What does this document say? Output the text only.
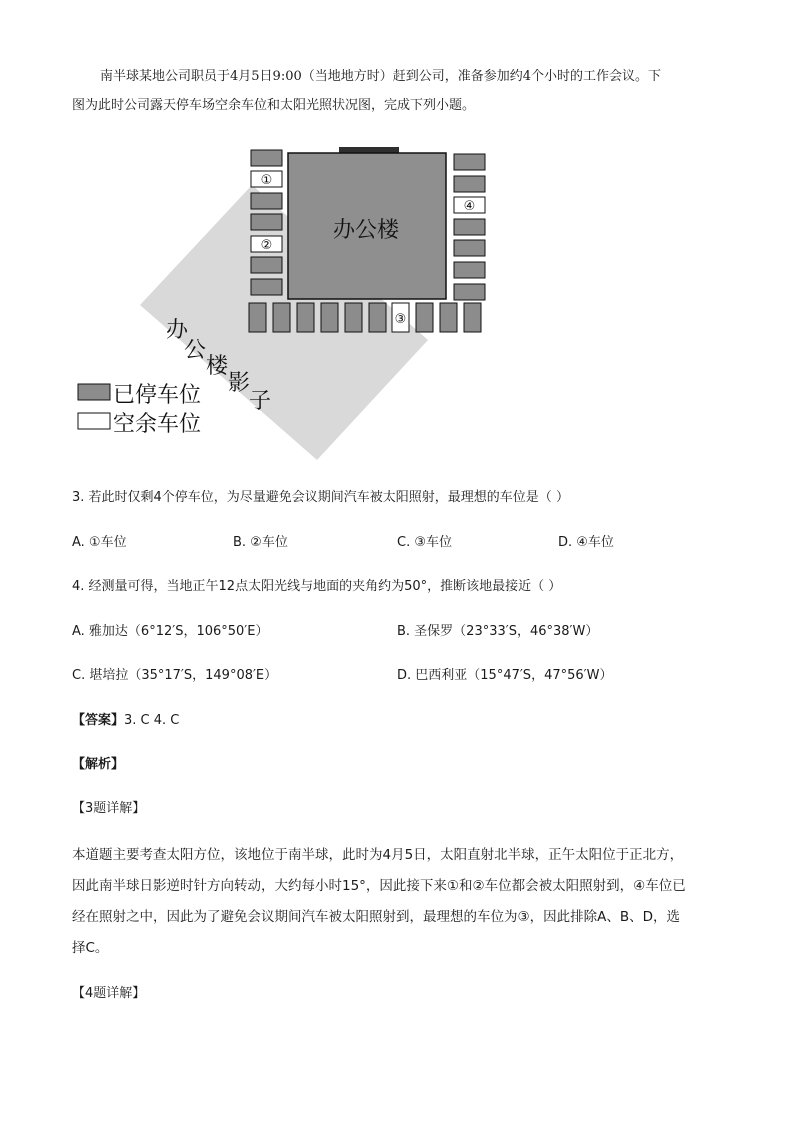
南半球某地公司职员于4月5日9:00（当地地方时）赶到公司，准备参加约4个小时的工作会议。下
图为此时公司露天停车场空余车位和太阳光照状况图，完成下列小题。
办公楼
①
②
④
③
办
公
楼
影
子
已停车位
空余车位
3. 若此时仅剩4个停车位，为尽量避免会议期间汽车被太阳照射，最理想的车位是（ ）
A. ①车位	B. ②车位	C. ③车位	D. ④车位
4. 经测量可得，当地正午12点太阳光线与地面的夹角约为50°，推断该地最接近（ ）
A. 雅加达（6°12′S，106°50′E）	B. 圣保罗（23°33′S，46°38′W）
C. 堪培拉（35°17′S，149°08′E）	D. 巴西利亚（15°47′S，47°56′W）
【答案】3. C 4. C
【解析】
【3题详解】
本道题主要考查太阳方位，该地位于南半球，此时为4月5日，太阳直射北半球，正午太阳位于正北方，
因此南半球日影逆时针方向转动，大约每小时15°，因此接下来①和②车位都会被太阳照射到，④车位已
经在照射之中，因此为了避免会议期间汽车被太阳照射到，最理想的车位为③，因此排除A、B、D，选
择C。
【4题详解】
